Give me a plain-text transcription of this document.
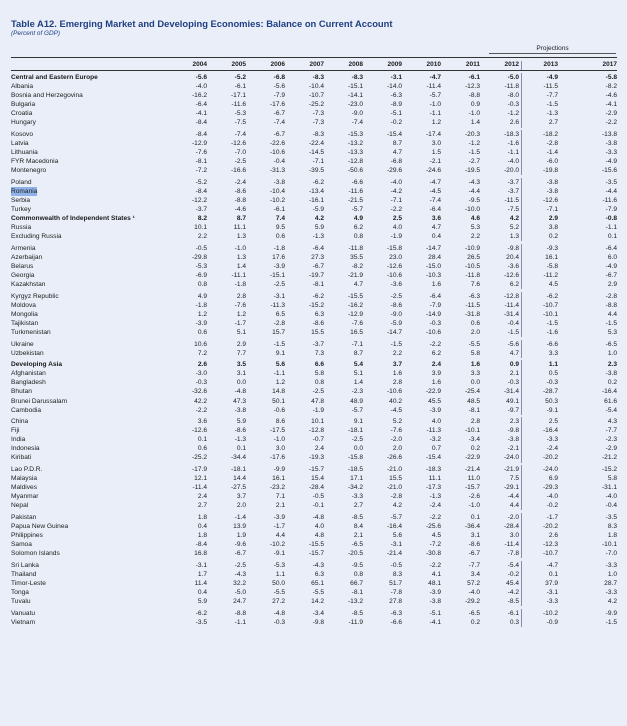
Table A12. Emerging Market and Developing Economies: Balance on Current Account
(Percent of GDP)
Projections
2004	2005	2006	2007	2008	2009	2010	2011	2012	2013	2017
Central and Eastern Europe	-5.6	-5.2	-6.8	-8.3	-8.3	-3.1	-4.7	-6.1	-5.0	-4.9	-5.8
Albania	-4.0	-6.1	-5.6	-10.4	-15.1	-14.0	-11.4	-12.3	-11.8	-11.5	-8.2
Bosnia and Herzegovina	-16.2	-17.1	-7.9	-10.7	-14.1	-6.3	-5.7	-8.8	-8.0	-7.7	-4.6
Bulgaria	-6.4	-11.6	-17.6	-25.2	-23.0	-8.9	-1.0	0.9	-0.3	-1.5	-4.1
Croatia	-4.1	-5.3	-6.7	-7.3	-9.0	-5.1	-1.1	-1.0	-1.2	-1.3	-2.9
Hungary	-8.4	-7.5	-7.4	-7.3	-7.4	-0.2	1.2	1.4	2.6	2.7	-2.2
Kosovo	-8.4	-7.4	-6.7	-8.3	-15.3	-15.4	-17.4	-20.3	-18.3	-18.2	-13.8
Latvia	-12.9	-12.6	-22.6	-22.4	-13.2	8.7	3.0	-1.2	-1.6	-2.8	-3.8
Lithuania	-7.6	-7.0	-10.6	-14.5	-13.3	4.7	1.5	-1.5	-1.1	-1.4	-3.3
FYR Macedonia	-8.1	-2.5	-0.4	-7.1	-12.8	-6.8	-2.1	-2.7	-4.0	-6.0	-4.9
Montenegro	-7.2	-16.6	-31.3	-39.5	-50.6	-29.6	-24.6	-19.5	-20.0	-19.8	-15.6
Poland	-5.2	-2.4	-3.8	-6.2	-6.6	-4.0	-4.7	-4.3	-3.7	-3.8	-3.5
Romania	-8.4	-8.6	-10.4	-13.4	-11.6	-4.2	-4.5	-4.4	-3.7	-3.8	-4.4
Serbia	-12.2	-8.8	-10.2	-16.1	-21.5	-7.1	-7.4	-9.5	-11.5	-12.6	-11.6
Turkey	-3.7	-4.6	-6.1	-5.9	-5.7	-2.2	-6.4	-10.0	-7.5	-7.1	-7.9
Commonwealth of Independent States ¹	8.2	8.7	7.4	4.2	4.9	2.5	3.6	4.6	4.2	2.9	-0.8
Russia	10.1	11.1	9.5	5.9	6.2	4.0	4.7	5.3	5.2	3.8	-1.1
Excluding Russia	2.2	1.3	0.6	-1.3	0.8	-1.9	0.4	2.2	1.3	0.2	0.1
Armenia	-0.5	-1.0	-1.8	-6.4	-11.8	-15.8	-14.7	-10.9	-9.8	-9.3	-6.4
Azerbaijan	-29.8	1.3	17.6	27.3	35.5	23.0	28.4	26.5	20.4	16.1	6.0
Belarus	-5.3	1.4	-3.9	-6.7	-8.2	-12.6	-15.0	-10.5	-3.6	-5.8	-4.9
Georgia	-6.9	-11.1	-15.1	-19.7	-21.9	-10.6	-10.3	-11.8	-12.6	-11.2	-6.7
Kazakhstan	0.8	-1.8	-2.5	-8.1	4.7	-3.6	1.6	7.6	6.2	4.5	2.9
Kyrgyz Republic	4.9	2.8	-3.1	-6.2	-15.5	-2.5	-6.4	-6.3	-12.8	-6.2	-2.8
Moldova	-1.8	-7.6	-11.3	-15.2	-16.2	-8.6	-7.9	-11.5	-11.4	-10.7	-8.8
Mongolia	1.2	1.2	6.5	6.3	-12.9	-9.0	-14.9	-31.8	-31.4	-10.1	4.4
Tajikistan	-3.9	-1.7	-2.8	-8.6	-7.6	-5.9	-0.3	0.6	-0.4	-1.5	-1.5
Turkmenistan	0.6	5.1	15.7	15.5	16.5	-14.7	-10.6	2.0	-1.5	-1.6	5.3
Ukraine	10.6	2.9	-1.5	-3.7	-7.1	-1.5	-2.2	-5.5	-5.6	-6.6	-6.5
Uzbekistan	7.2	7.7	9.1	7.3	8.7	2.2	6.2	5.8	4.7	3.3	1.0
Developing Asia	2.6	3.5	5.6	6.6	5.4	3.7	2.4	1.6	0.9	1.1	2.3
Afghanistan	-3.0	3.1	-1.1	5.8	5.1	1.6	3.9	3.3	2.1	0.5	-3.8
Bangladesh	-0.3	0.0	1.2	0.8	1.4	2.8	1.6	0.0	-0.3	-0.3	0.2
Bhutan	-32.6	-4.8	14.8	-2.5	-2.3	-10.6	-22.9	-25.4	-31.4	-28.7	-16.4
Brunei Darussalam	42.2	47.3	50.1	47.8	48.9	40.2	45.5	48.5	49.1	50.3	61.6
Cambodia	-2.2	-3.8	-0.6	-1.9	-5.7	-4.5	-3.9	-8.1	-9.7	-9.1	-5.4
China	3.6	5.9	8.6	10.1	9.1	5.2	4.0	2.8	2.3	2.5	4.3
Fiji	-12.6	-8.6	-17.5	-12.8	-18.1	-7.6	-11.3	-10.1	-9.8	-16.4	-7.7
India	0.1	-1.3	-1.0	-0.7	-2.5	-2.0	-3.2	-3.4	-3.8	-3.3	-2.3
Indonesia	0.6	0.1	3.0	2.4	0.0	2.0	0.7	0.2	-2.1	-2.4	-2.9
Kiribati	-25.2	-34.4	-17.6	-19.3	-15.8	-26.6	-15.4	-22.9	-24.0	-20.2	-21.2
Lao P.D.R.	-17.9	-18.1	-9.9	-15.7	-18.5	-21.0	-18.3	-21.4	-21.9	-24.0	-15.2
Malaysia	12.1	14.4	16.1	15.4	17.1	15.5	11.1	11.0	7.5	6.9	5.8
Maldives	-11.4	-27.5	-23.2	-28.4	-34.2	-21.0	-17.3	-15.7	-29.1	-29.3	-31.1
Myanmar	2.4	3.7	7.1	-0.5	-3.3	-2.8	-1.3	-2.6	-4.4	-4.0	-4.0
Nepal	2.7	2.0	2.1	-0.1	2.7	4.2	-2.4	-1.0	4.4	-0.2	-0.4
Pakistan	1.8	-1.4	-3.9	-4.8	-8.5	-5.7	-2.2	0.1	-2.0	-1.7	-3.5
Papua New Guinea	0.4	13.9	-1.7	4.0	8.4	-16.4	-25.6	-36.4	-28.4	-20.2	8.3
Philippines	1.8	1.9	4.4	4.8	2.1	5.6	4.5	3.1	3.0	2.6	1.8
Samoa	-8.4	-9.6	-10.2	-15.5	-6.5	-3.1	-7.2	-8.6	-11.4	-12.3	-10.1
Solomon Islands	16.8	-6.7	-9.1	-15.7	-20.5	-21.4	-30.8	-6.7	-7.8	-10.7	-7.0
Sri Lanka	-3.1	-2.5	-5.3	-4.3	-9.5	-0.5	-2.2	-7.7	-5.4	-4.7	-3.3
Thailand	1.7	-4.3	1.1	6.3	0.8	8.3	4.1	3.4	-0.2	0.1	1.0
Timor-Leste	11.4	32.2	50.0	65.1	66.7	51.7	48.1	57.2	45.4	37.9	28.7
Tonga	0.4	-5.0	-5.5	-5.5	-8.1	-7.8	-3.9	-4.0	-4.2	-3.1	-3.3
Tuvalu	5.9	24.7	27.2	14.2	-13.2	27.8	-3.8	-29.2	-8.5	-3.3	4.2
Vanuatu	-6.2	-8.8	-4.8	-3.4	-8.5	-6.3	-5.1	-6.5	-6.1	-10.2	-9.9
Vietnam	-3.5	-1.1	-0.3	-9.8	-11.9	-6.6	-4.1	0.2	0.3	-0.9	-1.5
